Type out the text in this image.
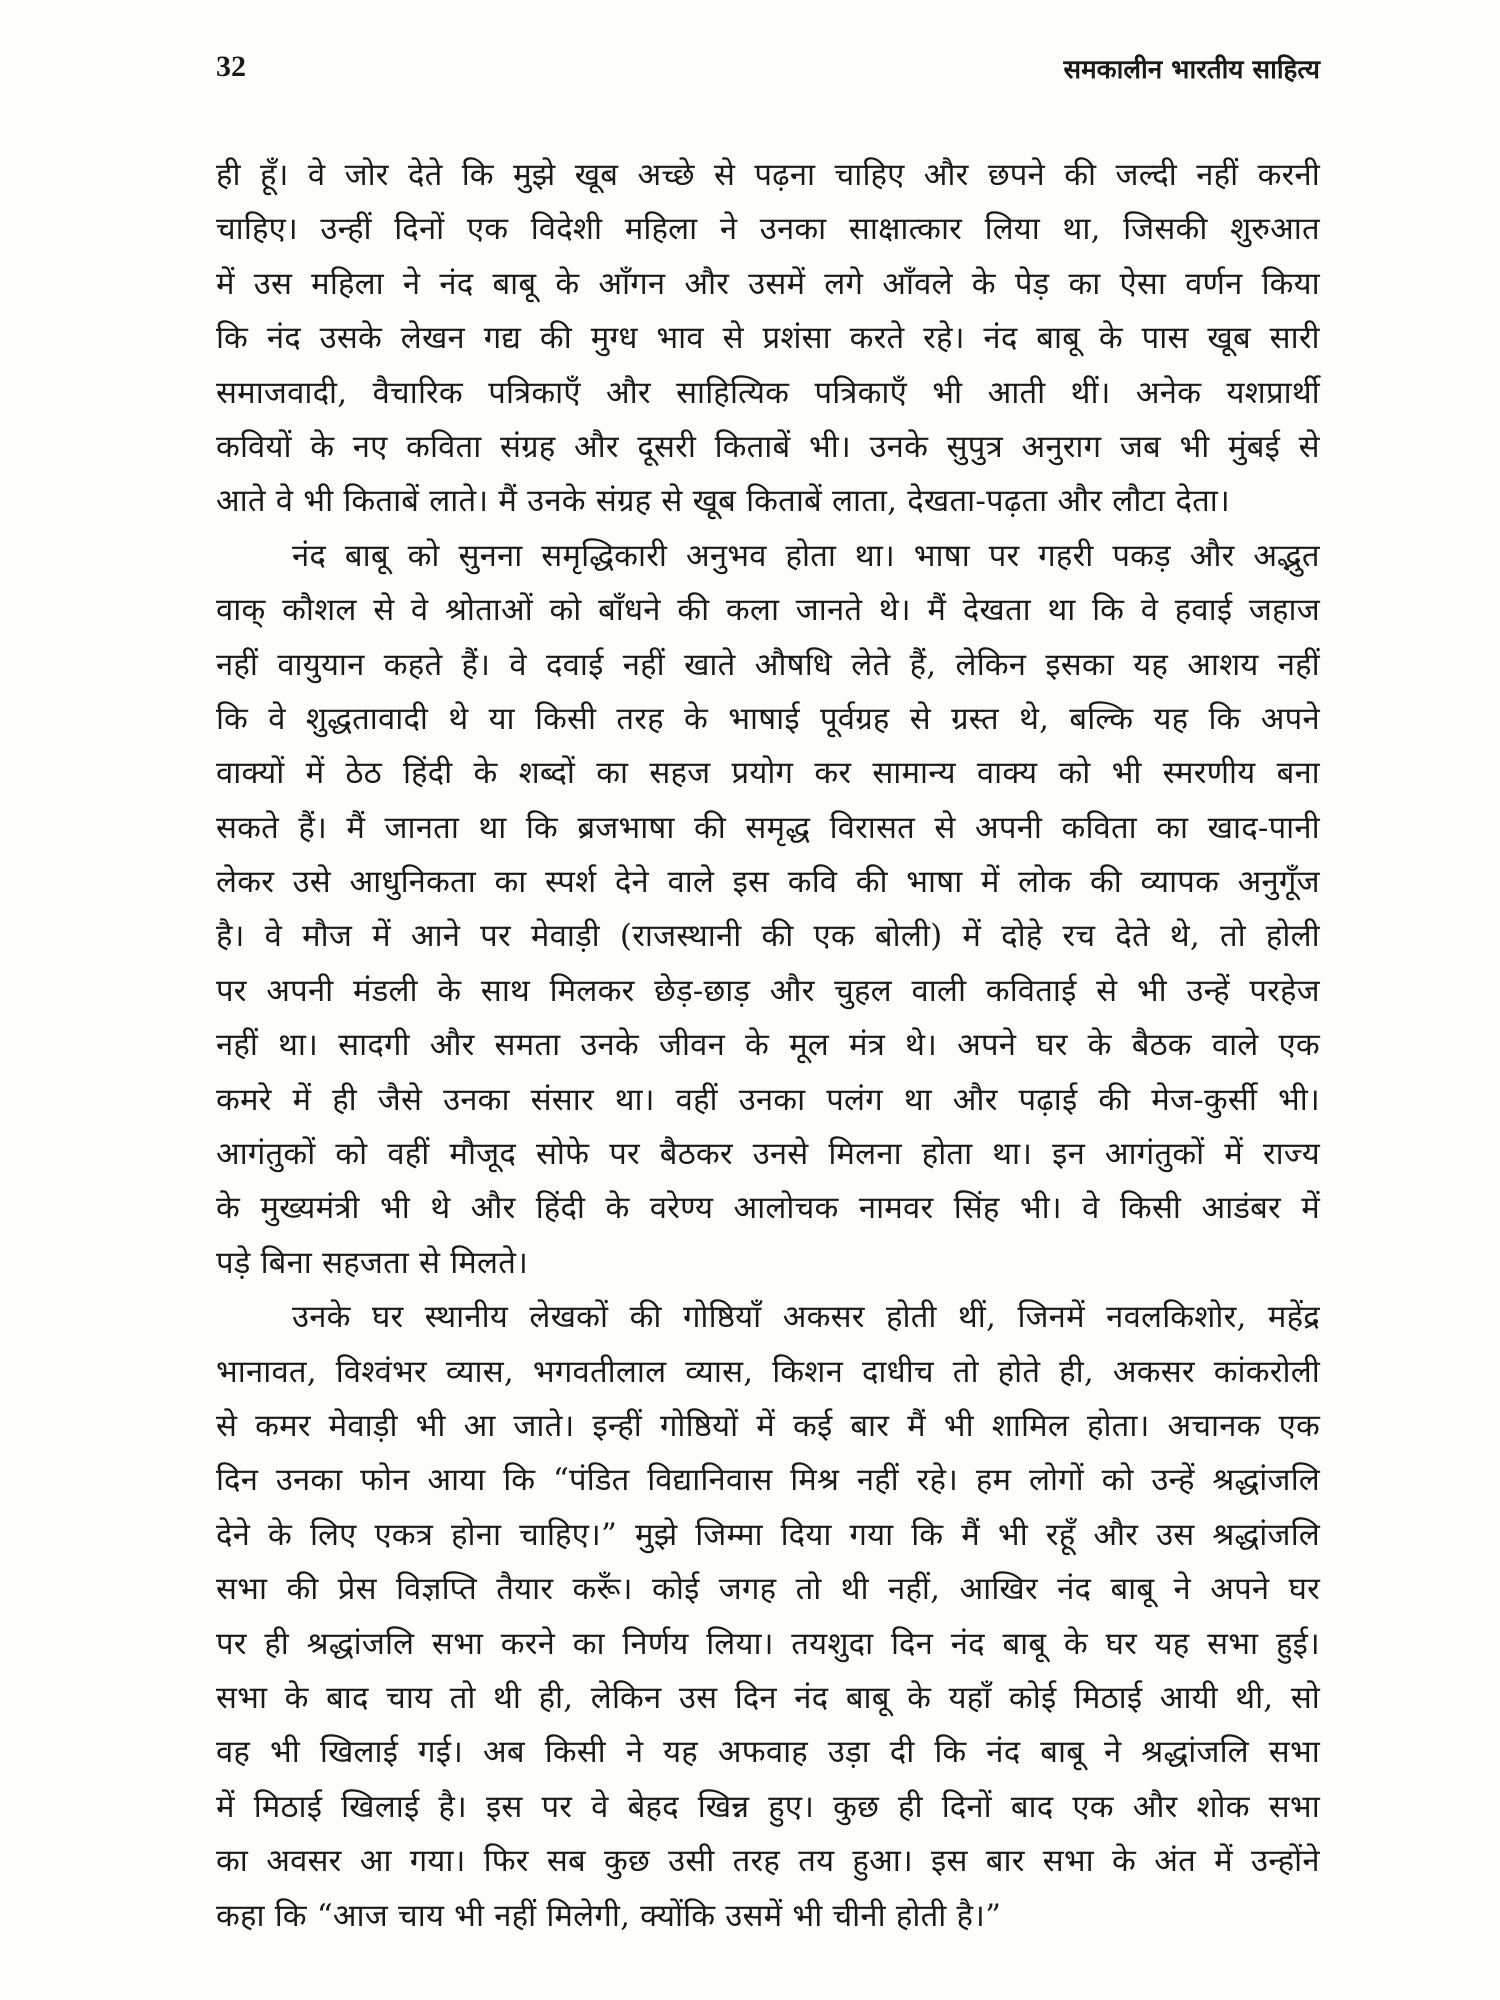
32	समकालीन भारतीय साहित्य
ही हूँ। वे जोर देते कि मुझे खूब अच्छे से पढ़ना चाहिए और छपने की जल्दी नहीं करनी
चाहिए। उन्हीं दिनों एक विदेशी महिला ने उनका साक्षात्कार लिया था, जिसकी शुरुआत
में उस महिला ने नंद बाबू के आँगन और उसमें लगे आँवले के पेड़ का ऐसा वर्णन किया
कि नंद उसके लेखन गद्य की मुग्ध भाव से प्रशंसा करते रहे। नंद बाबू के पास खूब सारी
समाजवादी, वैचारिक पत्रिकाएँ और साहित्यिक पत्रिकाएँ भी आती थीं। अनेक यशप्रार्थी
कवियों के नए कविता संग्रह और दूसरी किताबें भी। उनके सुपुत्र अनुराग जब भी मुंबई से
आते वे भी किताबें लाते। मैं उनके संग्रह से खूब किताबें लाता, देखता-पढ़ता और लौटा देता।
नंद बाबू को सुनना समृद्धिकारी अनुभव होता था। भाषा पर गहरी पकड़ और अद्भुत
वाक् कौशल से वे श्रोताओं को बाँधने की कला जानते थे। मैं देखता था कि वे हवाई जहाज
नहीं वायुयान कहते हैं। वे दवाई नहीं खाते औषधि लेते हैं, लेकिन इसका यह आशय नहीं
कि वे शुद्धतावादी थे या किसी तरह के भाषाई पूर्वग्रह से ग्रस्त थे, बल्कि यह कि अपने
वाक्यों में ठेठ हिंदी के शब्दों का सहज प्रयोग कर सामान्य वाक्य को भी स्मरणीय बना
सकते हैं। मैं जानता था कि ब्रजभाषा की समृद्ध विरासत से अपनी कविता का खाद-पानी
लेकर उसे आधुनिकता का स्पर्श देने वाले इस कवि की भाषा में लोक की व्यापक अनुगूँज
है। वे मौज में आने पर मेवाड़ी (राजस्थानी की एक बोली) में दोहे रच देते थे, तो होली
पर अपनी मंडली के साथ मिलकर छेड़-छाड़ और चुहल वाली कविताई से भी उन्हें परहेज
नहीं था। सादगी और समता उनके जीवन के मूल मंत्र थे। अपने घर के बैठक वाले एक
कमरे में ही जैसे उनका संसार था। वहीं उनका पलंग था और पढ़ाई की मेज-कुर्सी भी।
आगंतुकों को वहीं मौजूद सोफे पर बैठकर उनसे मिलना होता था। इन आगंतुकों में राज्य
के मुख्यमंत्री भी थे और हिंदी के वरेण्य आलोचक नामवर सिंह भी। वे किसी आडंबर में
पड़े बिना सहजता से मिलते।
उनके घर स्थानीय लेखकों की गोष्ठियाँ अकसर होती थीं, जिनमें नवलकिशोर, महेंद्र
भानावत, विश्वंभर व्यास, भगवतीलाल व्यास, किशन दाधीच तो होते ही, अकसर कांकरोली
से कमर मेवाड़ी भी आ जाते। इन्हीं गोष्ठियों में कई बार मैं भी शामिल होता। अचानक एक
दिन उनका फोन आया कि “पंडित विद्यानिवास मिश्र नहीं रहे। हम लोगों को उन्हें श्रद्धांजलि
देने के लिए एकत्र होना चाहिए।” मुझे जिम्मा दिया गया कि मैं भी रहूँ और उस श्रद्धांजलि
सभा की प्रेस विज्ञप्ति तैयार करूँ। कोई जगह तो थी नहीं, आखिर नंद बाबू ने अपने घर
पर ही श्रद्धांजलि सभा करने का निर्णय लिया। तयशुदा दिन नंद बाबू के घर यह सभा हुई।
सभा के बाद चाय तो थी ही, लेकिन उस दिन नंद बाबू के यहाँ कोई मिठाई आयी थी, सो
वह भी खिलाई गई। अब किसी ने यह अफवाह उड़ा दी कि नंद बाबू ने श्रद्धांजलि सभा
में मिठाई खिलाई है। इस पर वे बेहद खिन्न हुए। कुछ ही दिनों बाद एक और शोक सभा
का अवसर आ गया। फिर सब कुछ उसी तरह तय हुआ। इस बार सभा के अंत में उन्होंने
कहा कि “आज चाय भी नहीं मिलेगी, क्योंकि उसमें भी चीनी होती है।”
